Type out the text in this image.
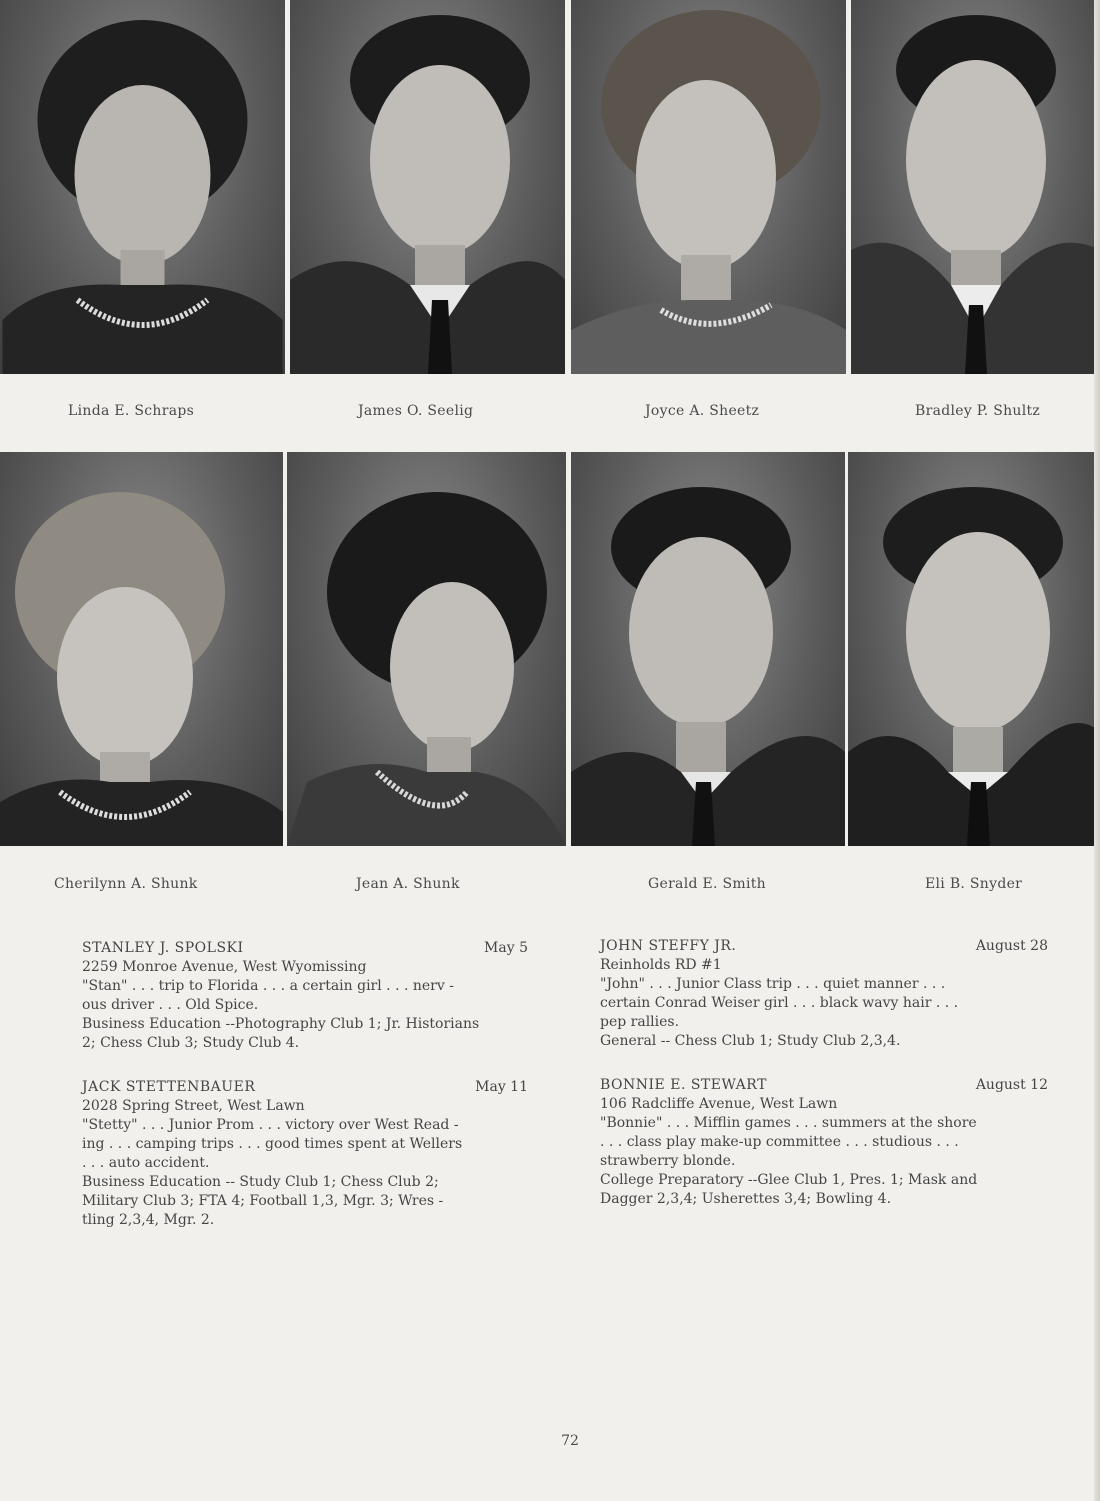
Linda E. Schraps	James O. Seelig	Joyce A. Sheetz	Bradley P. Shultz
Cherilynn A. Shunk	Jean A. Shunk	Gerald E. Smith	Eli B. Snyder
STANLEY J. SPOLSKI	May 5
2259 Monroe Avenue, West Wyomissing
"Stan" . . . trip to Florida . . . a certain girl . . . nerv -
ous driver . . . Old Spice.
Business Education --Photography Club 1; Jr. Historians
2; Chess Club 3; Study Club 4.
JACK STETTENBAUER	May 11
2028 Spring Street, West Lawn
"Stetty" . . . Junior Prom . . . victory over West Read -
ing . . . camping trips . . . good times spent at Wellers
. . . auto accident.
Business Education -- Study Club 1; Chess Club 2;
Military Club 3; FTA 4; Football 1,3, Mgr. 3; Wres -
tling 2,3,4, Mgr. 2.
JOHN STEFFY JR.	August 28
Reinholds RD #1
"John" . . . Junior Class trip . . . quiet manner . . .
certain Conrad Weiser girl . . . black wavy hair . . .
pep rallies.
General -- Chess Club 1; Study Club 2,3,4.
BONNIE E. STEWART	August 12
106 Radcliffe Avenue, West Lawn
"Bonnie" . . . Mifflin games . . . summers at the shore
. . . class play make-up committee . . . studious . . .
strawberry blonde.
College Preparatory --Glee Club 1, Pres. 1; Mask and
Dagger 2,3,4; Usherettes 3,4; Bowling 4.
72
